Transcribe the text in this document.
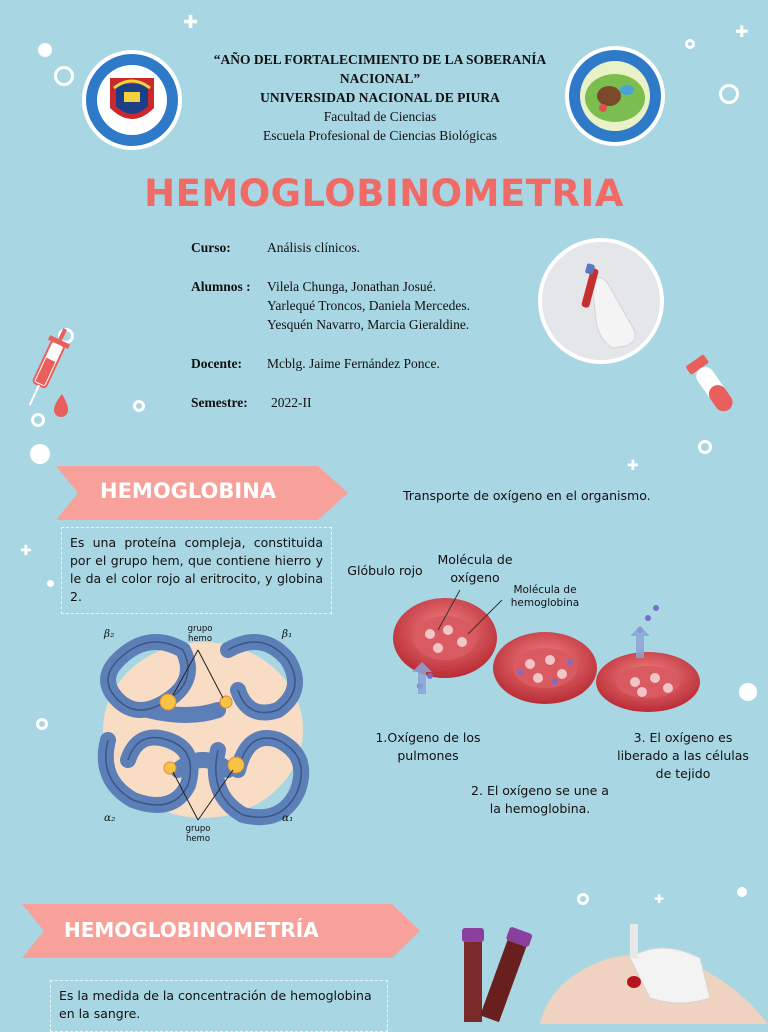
✚	✚
✚
✚
✚
“AÑO DEL FORTALECIMIENTO DE LA SOBERANÍA NACIONAL”
UNIVERSIDAD NACIONAL DE PIURA
Facultad de Ciencias
Escuela Profesional de Ciencias Biológicas
HEMOGLOBINOMETRIA
Curso:	Análisis clínicos.
Alumnos : Vilela Chunga, Jonathan Josué.
Yarlequé Troncos, Daniela Mercedes.
Yesquén Navarro, Marcia Gieraldine.
Docente: Mcblg. Jaime Fernández Ponce.
Semestre: 2022-II
HEMOGLOBINA	Transporte de oxígeno en el organismo.
Es una proteína compleja, constituida por el grupo hem, que contiene hierro y le da el color rojo al eritrocito, y globina 2.
β₂	β₁
α₂	α₁
grupo hemo
grupo hemo
Glóbulo rojo
Molécula de oxígeno
Molécula de hemoglobina
1.Oxígeno de los pulmones
2. El oxígeno se une a la hemoglobina.
3. El oxígeno es liberado a las células de tejido
HEMOGLOBINOMETRÍA
Es la medida de la concentración de hemoglobina en la sangre.
